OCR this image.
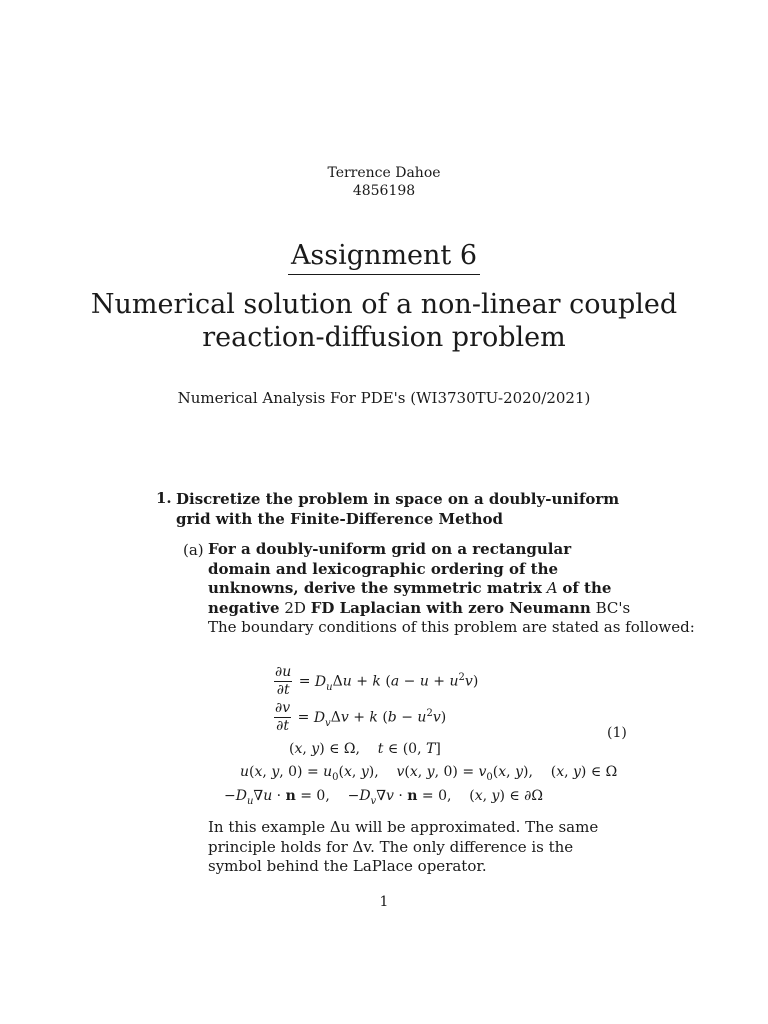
Terrence Dahoe
4856198
Assignment 6
Numerical solution of a non-linear coupled
reaction-diffusion problem
Numerical Analysis For PDE's (WI3730TU-2020/2021)
1. Discretize the problem in space on a doubly-uniform grid with the Finite-Difference Method
(a) For a doubly-uniform grid on a rectangular domain and lexicographic ordering of the unknowns, derive the symmetric matrix A of the negative 2D FD Laplacian with zero Neumann BC's
The boundary conditions of this problem are stated as followed:
$\frac{\partial u}{\partial t} = D_u\Delta u + k$ $(a - u + u^2v)$
$\frac{\partial v}{\partial t} = D_v\Delta v + k$ $(b - u^2v)$
(x, y) ∈ Ω,    t ∈ (0, T]
u(x, y, $0) = u_0(x$, y),    v(x, y, $0) = v_0(x$, y),    (x, y) ∈ Ω
$-D_u\nabla u \cdot n = 0$,    $-D_v\nabla v \cdot n = 0$,    (x, y) ∈ ∂Ω
(1)
In this example Δu will be approximated. The same principle holds for Δv. The only difference is the symbol behind the LaPlace operator.
1
